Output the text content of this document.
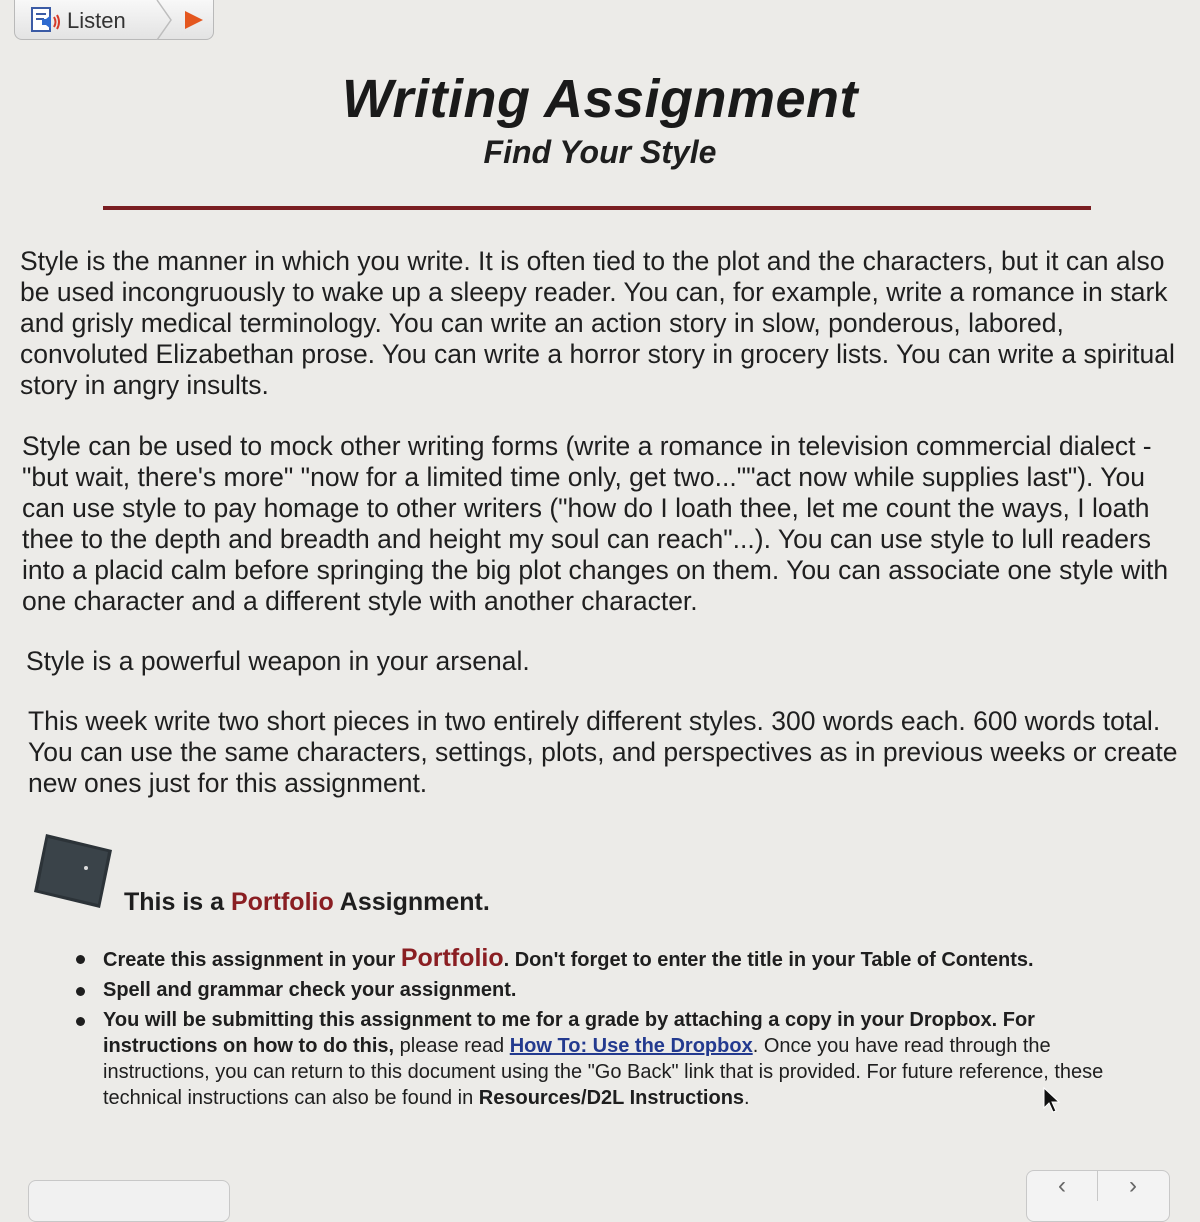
Listen
Writing Assignment
Find Your Style

Style is the manner in which you write. It is often tied to the plot and the characters, but it can also be used incongruously to wake up a sleepy reader. You can, for example, write a romance in stark and grisly medical terminology. You can write an action story in slow, ponderous, labored, convoluted Elizabethan prose. You can write a horror story in grocery lists. You can write a spiritual story in angry insults.

Style can be used to mock other writing forms (write a romance in television commercial dialect - "but wait, there's more" "now for a limited time only, get two...""act now while supplies last"). You can use style to pay homage to other writers ("how do I loath thee, let me count the ways, I loath thee to the depth and breadth and height my soul can reach"...). You can use style to lull readers into a placid calm before springing the big plot changes on them. You can associate one style with one character and a different style with another character.

Style is a powerful weapon in your arsenal.

This week write two short pieces in two entirely different styles. 300 words each. 600 words total. You can use the same characters, settings, plots, and perspectives as in previous weeks or create new ones just for this assignment.

This is a Portfolio Assignment.
Create this assignment in your Portfolio. Don't forget to enter the title in your Table of Contents.
Spell and grammar check your assignment.
You will be submitting this assignment to me for a grade by attaching a copy in your Dropbox. For instructions on how to do this, please read How To: Use the Dropbox. Once you have read through the instructions, you can return to this document using the "Go Back" link that is provided. For future reference, these technical instructions can also be found in Resources/D2L Instructions.
‹	›
